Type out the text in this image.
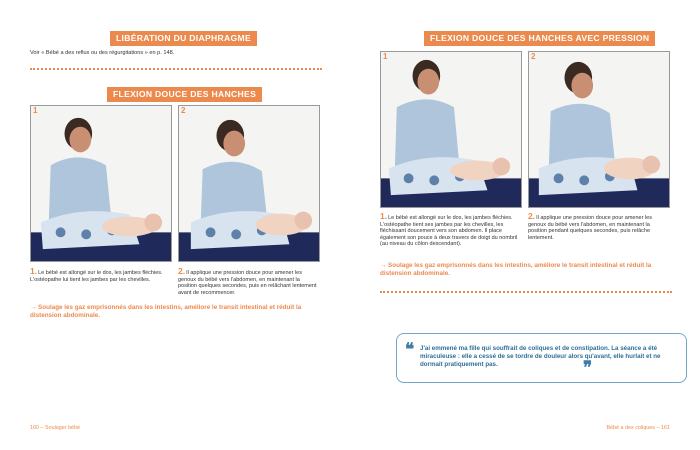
LIBÉRATION DU DIAPHRAGME
Voir « Bébé a des reflux ou des régurgitations » en p. 148.
FLEXION DOUCE DES HANCHES
1	2
1.Le bébé est allongé sur le dos, les jambes fléchies. L'ostéopathe lui tient les jambes par les chevilles.
2.Il applique une pression douce pour amener les genoux du bébé vers l'abdomen, en maintenant la position quelques secondes, puis en relâchant lentement avant de recommencer.
→ Soulage les gaz emprisonnés dans les intestins, améliore le transit intestinal et réduit la distension abdominale.
160 – Soulager bébé
FLEXION DOUCE DES HANCHES AVEC PRESSION
1	2
1.Le bébé est allongé sur le dos, les jambes fléchies. L'ostéopathe tient ses jambes par les chevilles, les fléchissant doucement vers son abdomen. Il place également son pouce à deux travers de doigt du nombril (au niveau du côlon descendant).
2.Il applique une pression douce pour amener les genoux du bébé vers l'abdomen, en maintenant la position pendant quelques secondes, puis relâche lentement.
→ Soulage les gaz emprisonnés dans les intestins, améliore le transit intestinal et réduit la distension abdominale.
❝ J'ai emmené ma fille qui souffrait de coliques et de constipation. La séance a été miraculeuse : elle a cessé de se tordre de douleur alors qu'avant, elle hurlait et ne dormait pratiquement pas.	❞
Bébé a des coliques – 161
